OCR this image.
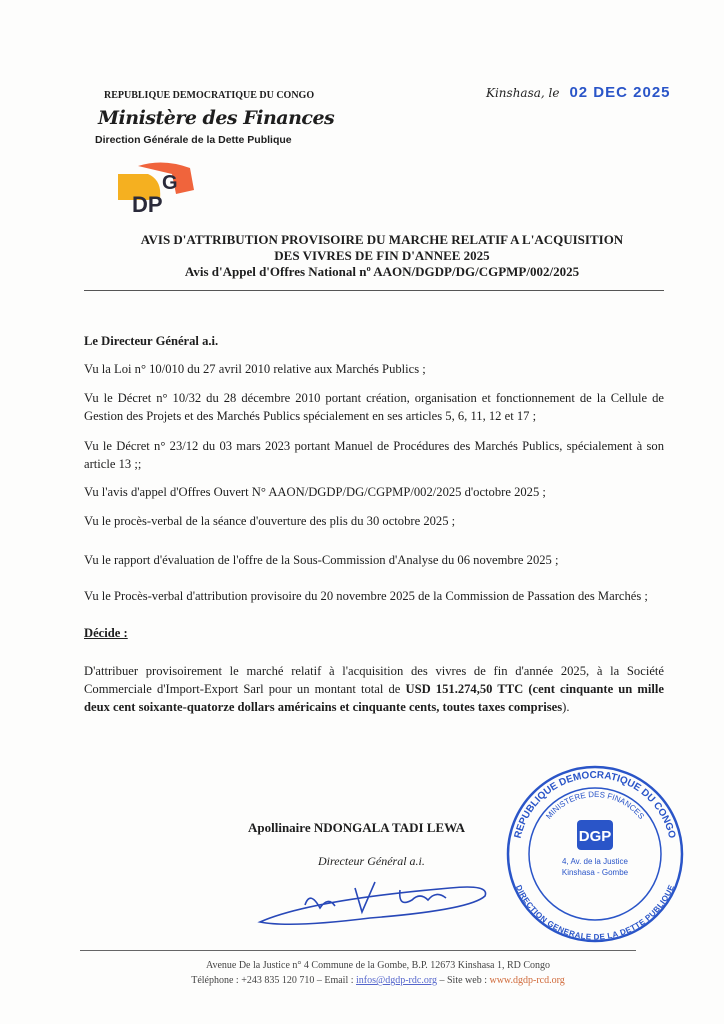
REPUBLIQUE DEMOCRATIQUE DU CONGO
Ministère des Finances
Direction Générale de la Dette Publique
Kinshasa, le 02 DEC 2025
G
DP
AVIS D'ATTRIBUTION PROVISOIRE DU MARCHE RELATIF A L'ACQUISITION
DES VIVRES DE FIN D'ANNEE 2025
Avis d'Appel d'Offres National nº AAON/DGDP/DG/CGPMP/002/2025

Le Directeur Général a.i.

Vu la Loi n° 10/010 du 27 avril 2010 relative aux Marchés Publics ;

Vu le Décret n° 10/32 du 28 décembre 2010 portant création, organisation et fonctionnement de la Cellule de Gestion des Projets et des Marchés Publics spécialement en ses articles 5, 6, 11, 12 et 17 ;

Vu le Décret n° 23/12 du 03 mars 2023 portant Manuel de Procédures des Marchés Publics, spécialement à son article 13 ;;

Vu l'avis d'appel d'Offres Ouvert N° AAON/DGDP/DG/CGPMP/002/2025 d'octobre 2025 ;

Vu le procès-verbal de la séance d'ouverture des plis du 30 octobre 2025 ;

Vu le rapport d'évaluation de l'offre de la Sous-Commission d'Analyse du 06 novembre 2025 ;

Vu le Procès-verbal d'attribution provisoire du 20 novembre 2025 de la Commission de Passation des Marchés ;

Décide :

D'attribuer provisoirement le marché relatif à l'acquisition des vivres de fin d'année 2025, à la Société Commerciale d'Import-Export Sarl pour un montant total de USD 151.274,50 TTC (cent cinquante un mille deux cent soixante-quatorze dollars américains et cinquante cents, toutes taxes comprises).

Apollinaire NDONGALA TADI LEWA
Directeur Général a.i.
REPUBLIQUE DEMOCRATIQUE DU CONGO
MINISTERE DES FINANCES
DIRECTION GENERALE DE LA DETTE PUBLIQUE
DGP
4, Av. de la Justice
Kinshasa - Gombe
Avenue De la Justice n° 4 Commune de la Gombe, B.P. 12673 Kinshasa 1, RD Congo
Téléphone : +243 835 120 710 – Email : infos@dgdp-rdc.org – Site web : www.dgdp-rcd.org
